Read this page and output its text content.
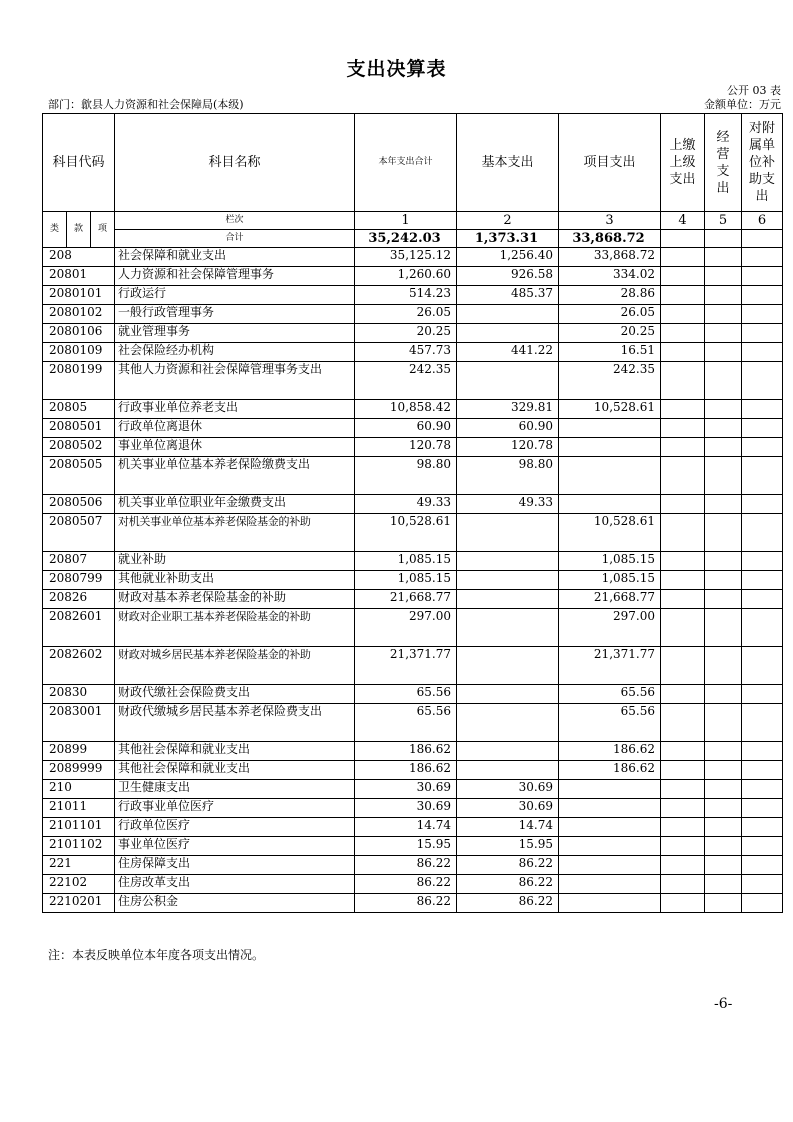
支出决算表
公开 03 表
部门：歙县人力资源和社会保障局(本级)	金额单位：万元
科目代码			科目名称	本年支出合计	基本支出	项目支出	上缴上级支出	经营支出	对附属单位补助支出
类	款	项	栏次	1	2	3	4	5	6
			合计	35,242.03	1,373.31	33,868.72			
208			社会保障和就业支出	35,125.12	1,256.40	33,868.72			
20801			人力资源和社会保障管理事务	1,260.60	926.58	334.02			
2080101			行政运行	514.23	485.37	28.86			
2080102			一般行政管理事务	26.05		26.05			
2080106			就业管理事务	20.25		20.25			
2080109			社会保险经办机构	457.73	441.22	16.51			
2080199			其他人力资源和社会保障管理事务支出	242.35		242.35			
20805			行政事业单位养老支出	10,858.42	329.81	10,528.61			
2080501			行政单位离退休	60.90	60.90				
2080502			事业单位离退休	120.78	120.78				
2080505			机关事业单位基本养老保险缴费支出	98.80	98.80				
2080506			机关事业单位职业年金缴费支出	49.33	49.33				
2080507			对机关事业单位基本养老保险基金的补助	10,528.61		10,528.61			
20807			就业补助	1,085.15		1,085.15			
2080799			其他就业补助支出	1,085.15		1,085.15			
20826			财政对基本养老保险基金的补助	21,668.77		21,668.77			
2082601			财政对企业职工基本养老保险基金的补助	297.00		297.00			
2082602			财政对城乡居民基本养老保险基金的补助	21,371.77		21,371.77			
20830			财政代缴社会保险费支出	65.56		65.56			
2083001			财政代缴城乡居民基本养老保险费支出	65.56		65.56			
20899			其他社会保障和就业支出	186.62		186.62			
2089999			其他社会保障和就业支出	186.62		186.62			
210			卫生健康支出	30.69	30.69				
21011			行政事业单位医疗	30.69	30.69				
2101101			行政单位医疗	14.74	14.74				
2101102			事业单位医疗	15.95	15.95				
221			住房保障支出	86.22	86.22				
22102			住房改革支出	86.22	86.22				
2210201			住房公积金	86.22	86.22				
注：本表反映单位本年度各项支出情况。
-6-
